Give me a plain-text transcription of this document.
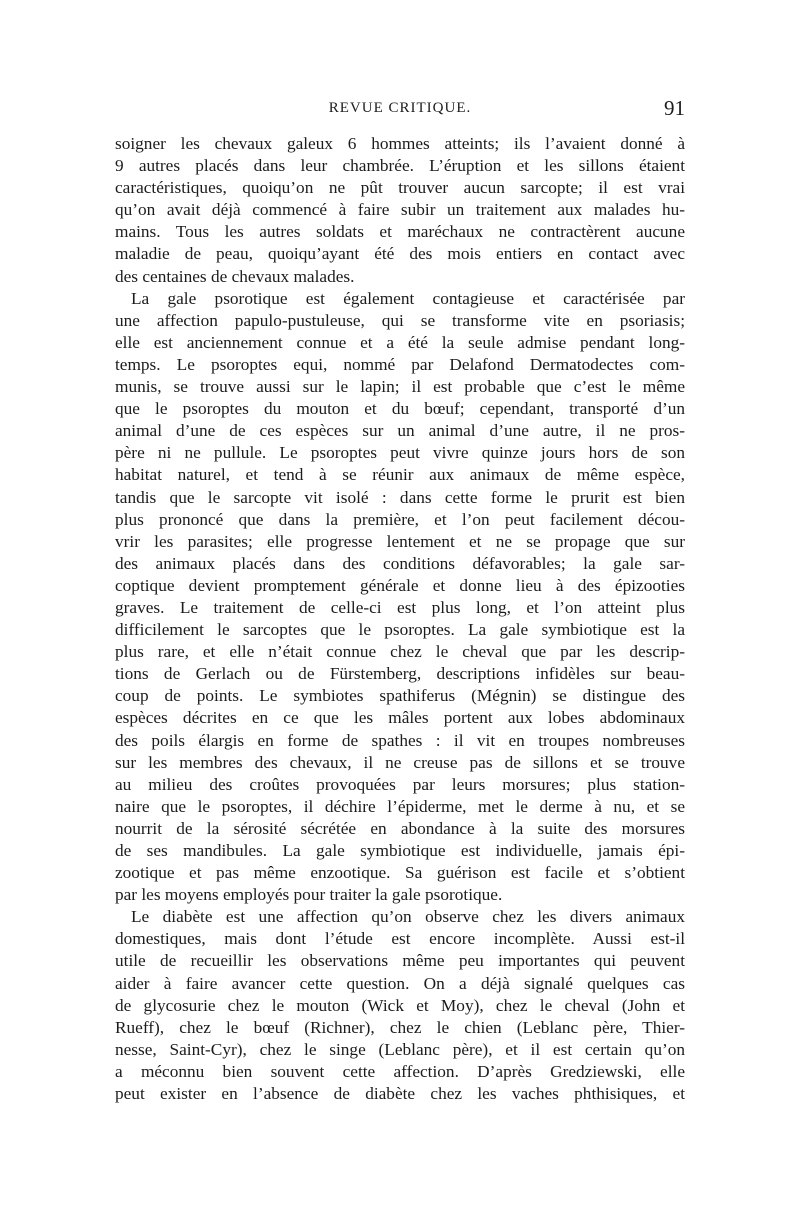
REVUE CRITIQUE.	91
soigner les chevaux galeux 6 hommes atteints; ils l’avaient donné à
9 autres placés dans leur chambrée. L’éruption et les sillons étaient
caractéristiques, quoiqu’on ne pût trouver aucun sarcopte; il est vrai
qu’on avait déjà commencé à faire subir un traitement aux malades hu-
mains. Tous les autres soldats et maréchaux ne contractèrent aucune
maladie de peau, quoiqu’ayant été des mois entiers en contact avec
des centaines de chevaux malades.
La gale psorotique est également contagieuse et caractérisée par
une affection papulo-pustuleuse, qui se transforme vite en psoriasis;
elle est anciennement connue et a été la seule admise pendant long-
temps. Le psoroptes equi, nommé par Delafond Dermatodectes com-
munis, se trouve aussi sur le lapin; il est probable que c’est le même
que le psoroptes du mouton et du bœuf; cependant, transporté d’un
animal d’une de ces espèces sur un animal d’une autre, il ne pros-
père ni ne pullule. Le psoroptes peut vivre quinze jours hors de son
habitat naturel, et tend à se réunir aux animaux de même espèce,
tandis que le sarcopte vit isolé : dans cette forme le prurit est bien
plus prononcé que dans la première, et l’on peut facilement décou-
vrir les parasites; elle progresse lentement et ne se propage que sur
des animaux placés dans des conditions défavorables; la gale sar-
coptique devient promptement générale et donne lieu à des épizooties
graves. Le traitement de celle-ci est plus long, et l’on atteint plus
difficilement le sarcoptes que le psoroptes. La gale symbiotique est la
plus rare, et elle n’était connue chez le cheval que par les descrip-
tions de Gerlach ou de Fürstemberg, descriptions infidèles sur beau-
coup de points. Le symbiotes spathiferus (Mégnin) se distingue des
espèces décrites en ce que les mâles portent aux lobes abdominaux
des poils élargis en forme de spathes : il vit en troupes nombreuses
sur les membres des chevaux, il ne creuse pas de sillons et se trouve
au milieu des croûtes provoquées par leurs morsures; plus station-
naire que le psoroptes, il déchire l’épiderme, met le derme à nu, et se
nourrit de la sérosité sécrétée en abondance à la suite des morsures
de ses mandibules. La gale symbiotique est individuelle, jamais épi-
zootique et pas même enzootique. Sa guérison est facile et s’obtient
par les moyens employés pour traiter la gale psorotique.
Le diabète est une affection qu’on observe chez les divers animaux
domestiques, mais dont l’étude est encore incomplète. Aussi est-il
utile de recueillir les observations même peu importantes qui peuvent
aider à faire avancer cette question. On a déjà signalé quelques cas
de glycosurie chez le mouton (Wick et Moy), chez le cheval (John et
Rueff), chez le bœuf (Richner), chez le chien (Leblanc père, Thier-
nesse, Saint-Cyr), chez le singe (Leblanc père), et il est certain qu’on
a méconnu bien souvent cette affection. D’après Gredziewski, elle
peut exister en l’absence de diabète chez les vaches phthisiques, et
